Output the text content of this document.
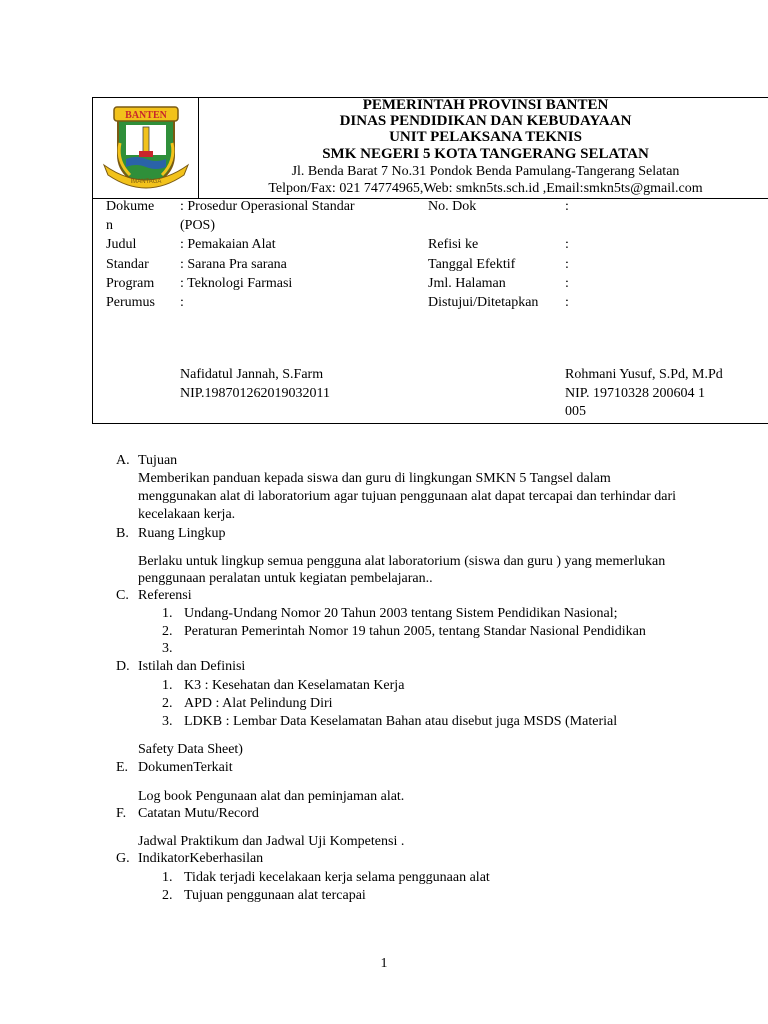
BANTEN
IMANTAGA
PEMERINTAH PROVINSI BANTEN
DINAS PENDIDIKAN DAN KEBUDAYAAN
UNIT PELAKSANA TEKNIS
SMK NEGERI 5 KOTA TANGERANG SELATAN
Jl. Benda Barat 7 No.31 Pondok Benda Pamulang-Tangerang Selatan
Telpon/Fax: 021 74774965,Web: smkn5ts.sch.id ,Email:smkn5ts@gmail.com
Dokume : Prosedur Operasional Standar	No. Dok	:
n	(POS)
Judul	: Pemakaian Alat	Refisi ke	:
Standar : Sarana Pra sarana	Tanggal Efektif	:
Program : Teknologi Farmasi	Jml. Halaman	:
Perumus :	Distujui/Ditetapkan :
Nafidatul Jannah, S.Farm
NIP.198701262019032011
Rohmani Yusuf, S.Pd, M.Pd
NIP. 19710328 200604 1
005
A. Tujuan
Memberikan panduan kepada siswa dan guru di lingkungan SMKN 5 Tangsel dalam
menggunakan alat di laboratorium agar tujuan penggunaan alat dapat tercapai dan terhindar dari
kecelakaan kerja.
B. Ruang Lingkup
Berlaku untuk lingkup semua pengguna alat laboratorium (siswa dan guru ) yang memerlukan
penggunaan peralatan untuk kegiatan pembelajaran..
C. Referensi
1. Undang-Undang Nomor 20 Tahun 2003 tentang Sistem Pendidikan Nasional;
2. Peraturan Pemerintah Nomor 19 tahun 2005, tentang Standar Nasional Pendidikan
3.
D. Istilah dan Definisi
1. K3 : Kesehatan dan Keselamatan Kerja
2. APD : Alat Pelindung Diri
3. LDKB : Lembar Data Keselamatan Bahan atau disebut juga MSDS (Material
Safety Data Sheet)
E. DokumenTerkait
Log book Pengunaan alat dan peminjaman alat.
F. Catatan Mutu/Record
Jadwal Praktikum dan Jadwal Uji Kompetensi .
G. IndikatorKeberhasilan
1. Tidak terjadi kecelakaan kerja selama penggunaan alat
2. Tujuan penggunaan alat tercapai
1
